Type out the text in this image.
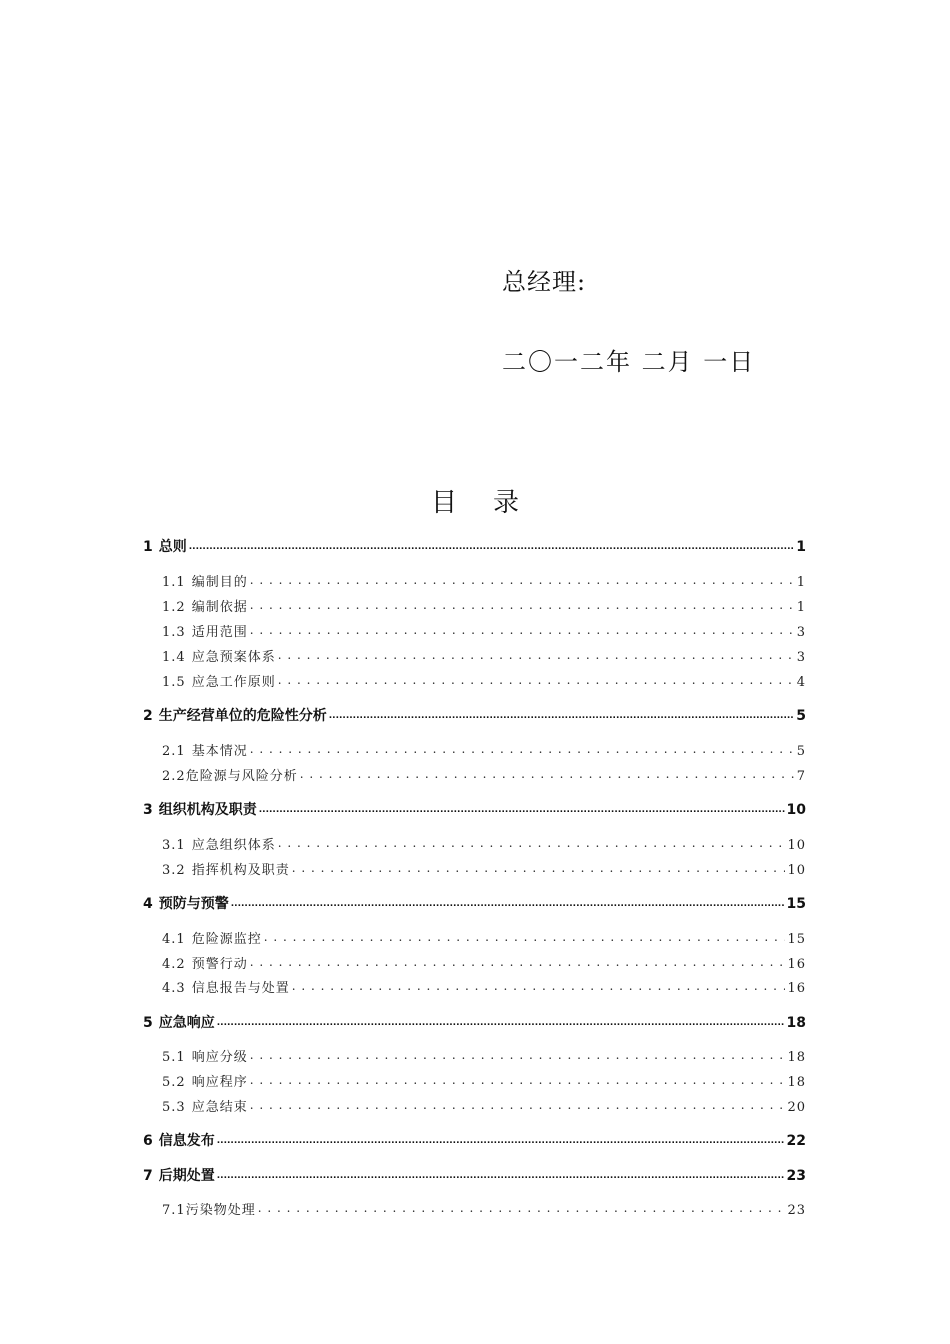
总经理:
二〇一二年 二月 一日
目录
1 总则 .....	1
1.1 编制目的 . . .	1
1.2 编制依据 . . .	1
1.3 适用范围 . . .	3
1.4 应急预案体系 . . .	3
1.5 应急工作原则 . . .	4
2 生产经营单位的危险性分析 .....	5
2.1 基本情况 . . .	5
2.2危险源与风险分析 . . .	7
3 组织机构及职责 .....	10
3.1 应急组织体系 . . .	10
3.2 指挥机构及职责 . . .	10
4 预防与预警 .....	15
4.1 危险源监控 . . .	15
4.2 预警行动 . . .	16
4.3 信息报告与处置 . . .	16
5 应急响应 .....	18
5.1 响应分级 . . .	18
5.2 响应程序 . . .	18
5.3 应急结束 . . .	20
6 信息发布 .....	22
7 后期处置 .....	23
7.1污染物处理 . . .	23
